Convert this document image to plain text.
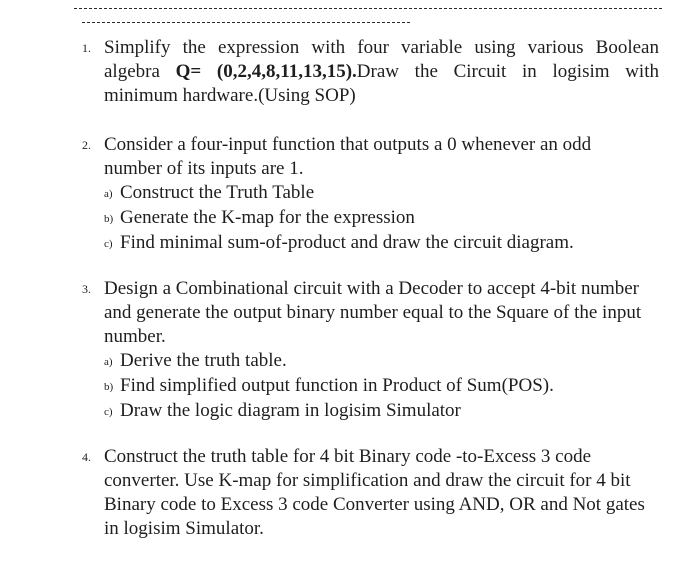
1. Simplify the expression with four variable using various Boolean algebra Q= (0,2,4,8,11,13,15).Draw the Circuit in logisim with minimum hardware.(Using SOP)
2. Consider a four-input function that outputs a 0 whenever an odd number of its inputs are 1.
a) Construct the Truth Table
b) Generate the K-map for the expression
c) Find minimal sum-of-product and draw the circuit diagram.
3. Design a Combinational circuit with a Decoder to accept 4-bit number and generate the output binary number equal to the Square of the input number.
a) Derive the truth table.
b) Find simplified output function in Product of Sum(POS).
c) Draw the logic diagram in logisim Simulator
4. Construct the truth table for 4 bit Binary code -to-Excess 3 code converter. Use K-map for simplification and draw the circuit for 4 bit Binary code to Excess 3 code Converter using AND, OR and Not gates in logisim Simulator.
